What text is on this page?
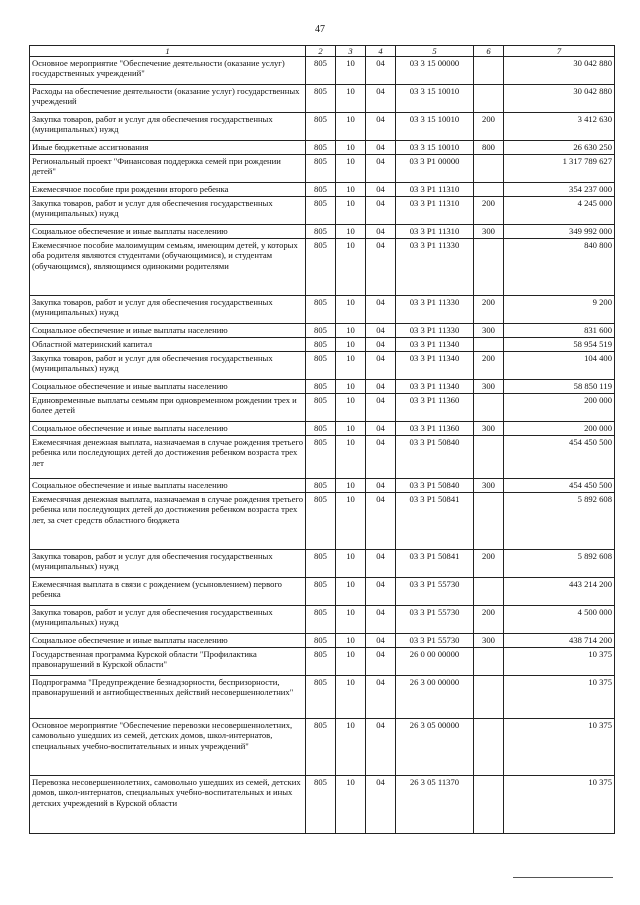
47
1	2	3	4	5	6	7
Основное мероприятие "Обеспечение деятельности (оказание услуг) государственных учреждений"	805	10	04	03 3 15 00000		30 042 880
Расходы на обеспечение деятельности (оказание услуг) государственных учреждений	805	10	04	03 3 15 10010		30 042 880
Закупка товаров, работ и услуг для обеспечения государственных (муниципальных) нужд	805	10	04	03 3 15 10010	200	3 412 630
Иные бюджетные ассигнования	805	10	04	03 3 15 10010	800	26 630 250
Региональный проект "Финансовая поддержка семей при рождении детей"	805	10	04	03 3 P1 00000		1 317 789 627
Ежемесячное пособие при рождении второго ребенка	805	10	04	03 3 P1 11310		354 237 000
Закупка товаров, работ и услуг для обеспечения государственных (муниципальных) нужд	805	10	04	03 3 P1 11310	200	4 245 000
Социальное обеспечение и иные выплаты населению	805	10	04	03 3 P1 11310	300	349 992 000
Ежемесячное пособие малоимущим семьям, имеющим детей, у которых оба родителя являются студентами (обучающимися), и студентам (обучающимся), являющимся одинокими родителями	805	10	04	03 3 P1 11330		840 800
Закупка товаров, работ и услуг для обеспечения государственных (муниципальных) нужд	805	10	04	03 3 P1 11330	200	9 200
Социальное обеспечение и иные выплаты населению	805	10	04	03 3 P1 11330	300	831 600
Областной материнский капитал	805	10	04	03 3 P1 11340		58 954 519
Закупка товаров, работ и услуг для обеспечения государственных (муниципальных) нужд	805	10	04	03 3 P1 11340	200	104 400
Социальное обеспечение и иные выплаты населению	805	10	04	03 3 P1 11340	300	58 850 119
Единовременные выплаты семьям при одновременном рождении трех и более детей	805	10	04	03 3 P1 11360		200 000
Социальное обеспечение и иные выплаты населению	805	10	04	03 3 P1 11360	300	200 000
Ежемесячная денежная выплата, назначаемая в случае рождения третьего ребенка или последующих детей до достижения ребенком возраста трех лет	805	10	04	03 3 P1 50840		454 450 500
Социальное обеспечение и иные выплаты населению	805	10	04	03 3 P1 50840	300	454 450 500
Ежемесячная денежная выплата, назначаемая в случае рождения третьего ребенка или последующих детей до достижения ребенком возраста трех лет, за счет средств областного бюджета	805	10	04	03 3 P1 50841		5 892 608
Закупка товаров, работ и услуг для обеспечения государственных (муниципальных) нужд	805	10	04	03 3 P1 50841	200	5 892 608
Ежемесячная выплата в связи с рождением (усыновлением) первого ребенка	805	10	04	03 3 P1 55730		443 214 200
Закупка товаров, работ и услуг для обеспечения государственных (муниципальных) нужд	805	10	04	03 3 P1 55730	200	4 500 000
Социальное обеспечение и иные выплаты населению	805	10	04	03 3 P1 55730	300	438 714 200
Государственная программа Курской области "Профилактика правонарушений в Курской области"	805	10	04	26 0 00 00000		10 375
Подпрограмма "Предупреждение безнадзорности, беспризорности, правонарушений и антиобщественных действий несовершеннолетних"	805	10	04	26 3 00 00000		10 375
Основное мероприятие "Обеспечение перевозки несовершеннолетних, самовольно ушедших из семей, детских домов, школ-интернатов, специальных учебно-воспитательных и иных учреждений"	805	10	04	26 3 05 00000		10 375
Перевозка несовершеннолетних, самовольно ушедших из семей, детских домов, школ-интернатов, специальных учебно-воспитательных и иных детских учреждений в Курской области	805	10	04	26 3 05 11370		10 375
